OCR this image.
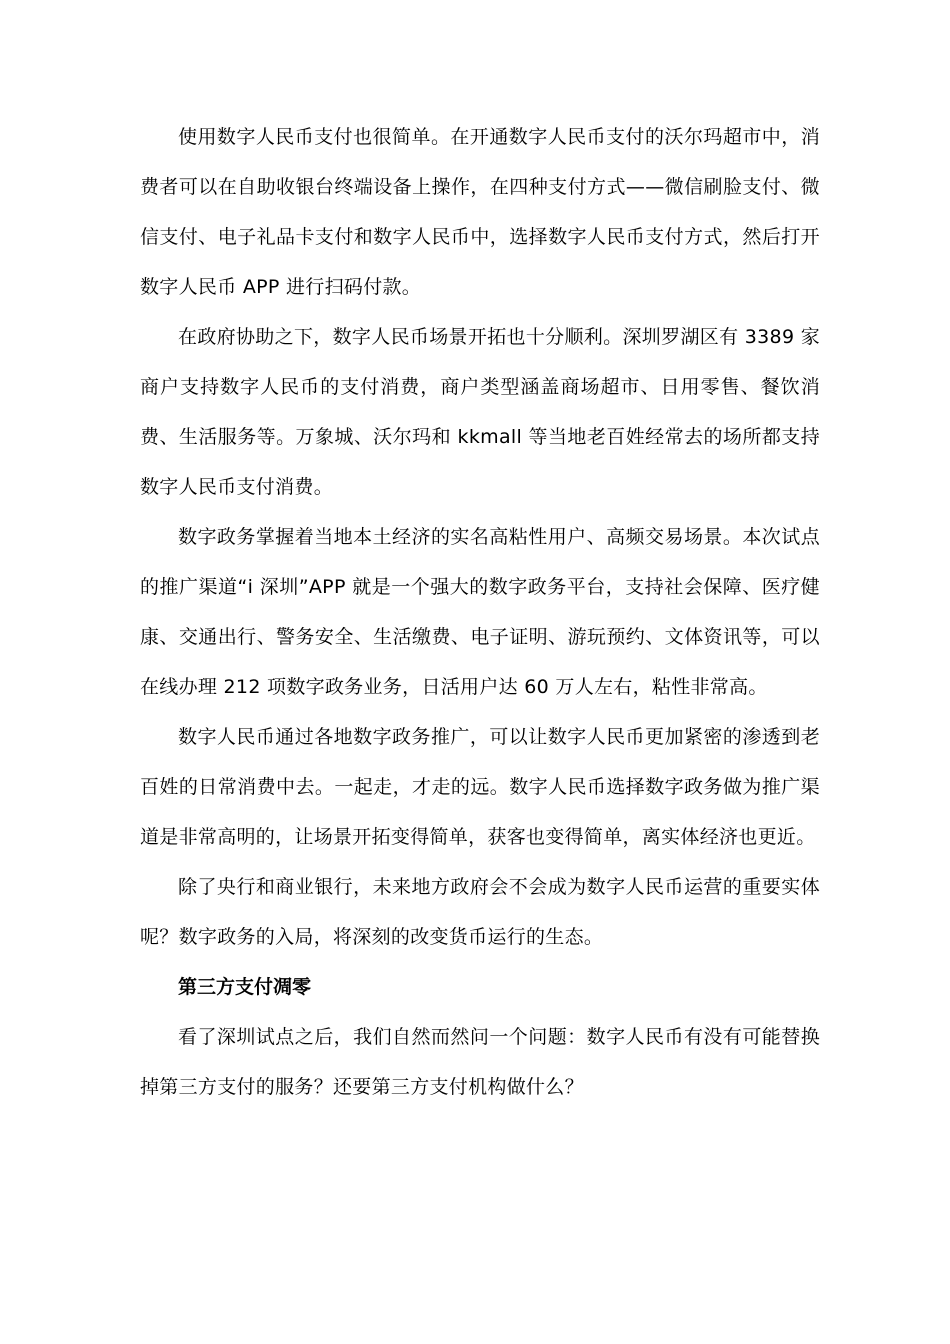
使用数字人民币支付也很简单。在开通数字人民币支付的沃尔玛超市中，消费者可以在自助收银台终端设备上操作，在四种支付方式——微信刷脸支付、微信支付、电子礼品卡支付和数字人民币中，选择数字人民币支付方式，然后打开数字人民币 APP 进行扫码付款。

在政府协助之下，数字人民币场景开拓也十分顺利。深圳罗湖区有 3389 家商户支持数字人民币的支付消费，商户类型涵盖商场超市、日用零售、餐饮消费、生活服务等。万象城、沃尔玛和 kkmall 等当地老百姓经常去的场所都支持数字人民币支付消费。

数字政务掌握着当地本土经济的实名高粘性用户、高频交易场景。本次试点的推广渠道“i 深圳”APP 就是一个强大的数字政务平台，支持社会保障、医疗健康、交通出行、警务安全、生活缴费、电子证明、游玩预约、文体资讯等，可以在线办理 212 项数字政务业务，日活用户达 60 万人左右，粘性非常高。

数字人民币通过各地数字政务推广，可以让数字人民币更加紧密的渗透到老百姓的日常消费中去。一起走，才走的远。数字人民币选择数字政务做为推广渠道是非常高明的，让场景开拓变得简单，获客也变得简单，离实体经济也更近。

除了央行和商业银行，未来地方政府会不会成为数字人民币运营的重要实体呢？数字政务的入局，将深刻的改变货币运行的生态。

第三方支付凋零

看了深圳试点之后，我们自然而然问一个问题：数字人民币有没有可能替换掉第三方支付的服务？还要第三方支付机构做什么？
